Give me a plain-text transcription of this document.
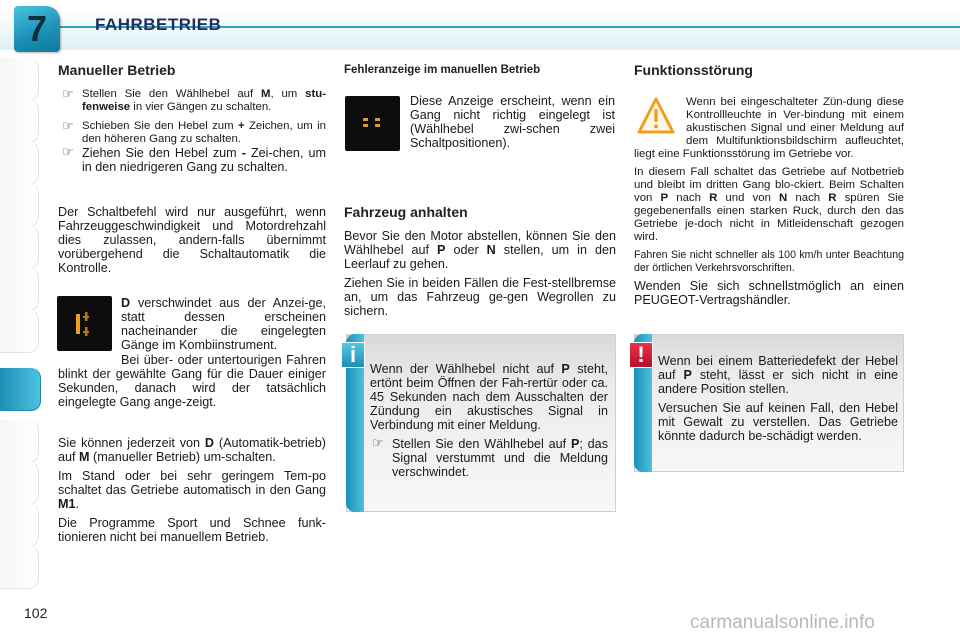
7	FAHRBETRIEB
Manueller Betrieb
☞ Stellen Sie den Wählhebel auf M, um stu-fenweise in vier Gängen zu schalten.
☞ Schieben Sie den Hebel zum + Zeichen, um in den höheren Gang zu schalten.
☞ Ziehen Sie den Hebel zum - Zei-chen, um in den niedrigeren Gang zu schalten.
Der Schaltbefehl wird nur ausgeführt, wenn Fahrzeuggeschwindigkeit und Motordrehzahl dies zulassen, andern-falls übernimmt vorübergehend die Schaltautomatik die Kontrolle.

D verschwindet aus der Anzei-ge, statt dessen erscheinen nacheinander die eingelegten Gänge im Kombiinstrument.

Bei über- oder untertourigen Fahren blinkt der gewählte Gang für die Dauer einiger Sekunden, danach wird der tatsächlich eingelegte Gang ange-zeigt.

Sie können jederzeit von D (Automatik-betrieb) auf M (manueller Betrieb) um-schalten.

Im Stand oder bei sehr geringem Tem-po schaltet das Getriebe automatisch in den Gang M1.

Die Programme Sport und Schnee funk-tionieren nicht bei manuellem Betrieb.

Fehleranzeige im manuellen Betrieb
Diese Anzeige erscheint, wenn ein Gang nicht richtig eingelegt ist (Wählhebel zwi-schen zwei Schaltpositionen).
Fahrzeug anhalten

Bevor Sie den Motor abstellen, können Sie den Wählhebel auf P oder N stellen, um in den Leerlauf zu gehen.

Ziehen Sie in beiden Fällen die Fest-stellbremse an, um das Fahrzeug ge-gen Wegrollen zu sichern.

i

Wenn der Wählhebel nicht auf P steht, ertönt beim Öffnen der Fah-rertür oder ca. 45 Sekunden nach dem Ausschalten der Zündung ein akustisches Signal in Verbindung mit einer Meldung.

☞ Stellen Sie den Wählhebel auf P; das Signal verstummt und die Meldung verschwindet.
Funktionsstörung

Wenn bei eingeschalteter Zün-dung diese Kontrollleuchte in Ver-bindung mit einem akustischen Signal und einer Meldung auf dem Multifunktionsbildschirm aufleuchtet, liegt eine Funktionsstörung im Getriebe vor.

In diesem Fall schaltet das Getriebe auf Notbetrieb und bleibt im dritten Gang blo-ckiert. Beim Schalten von P nach R und von N nach R spüren Sie gegebenenfalls einen starken Ruck, durch den das Getriebe je-doch nicht in Mitleidenschaft gezogen wird.

Fahren Sie nicht schneller als 100 km/h unter Beachtung der örtlichen Verkehrsvorschriften.

Wenden Sie sich schnellstmöglich an einen PEUGEOT-Vertragshändler.

!	Wenn bei einem Batteriedefekt der Hebel auf P steht, lässt er sich nicht in eine andere Position stellen.

Versuchen Sie auf keinen Fall, den Hebel mit Gewalt zu verstellen. Das Getriebe könnte dadurch be-schädigt werden.

102	carmanualsonline.info
